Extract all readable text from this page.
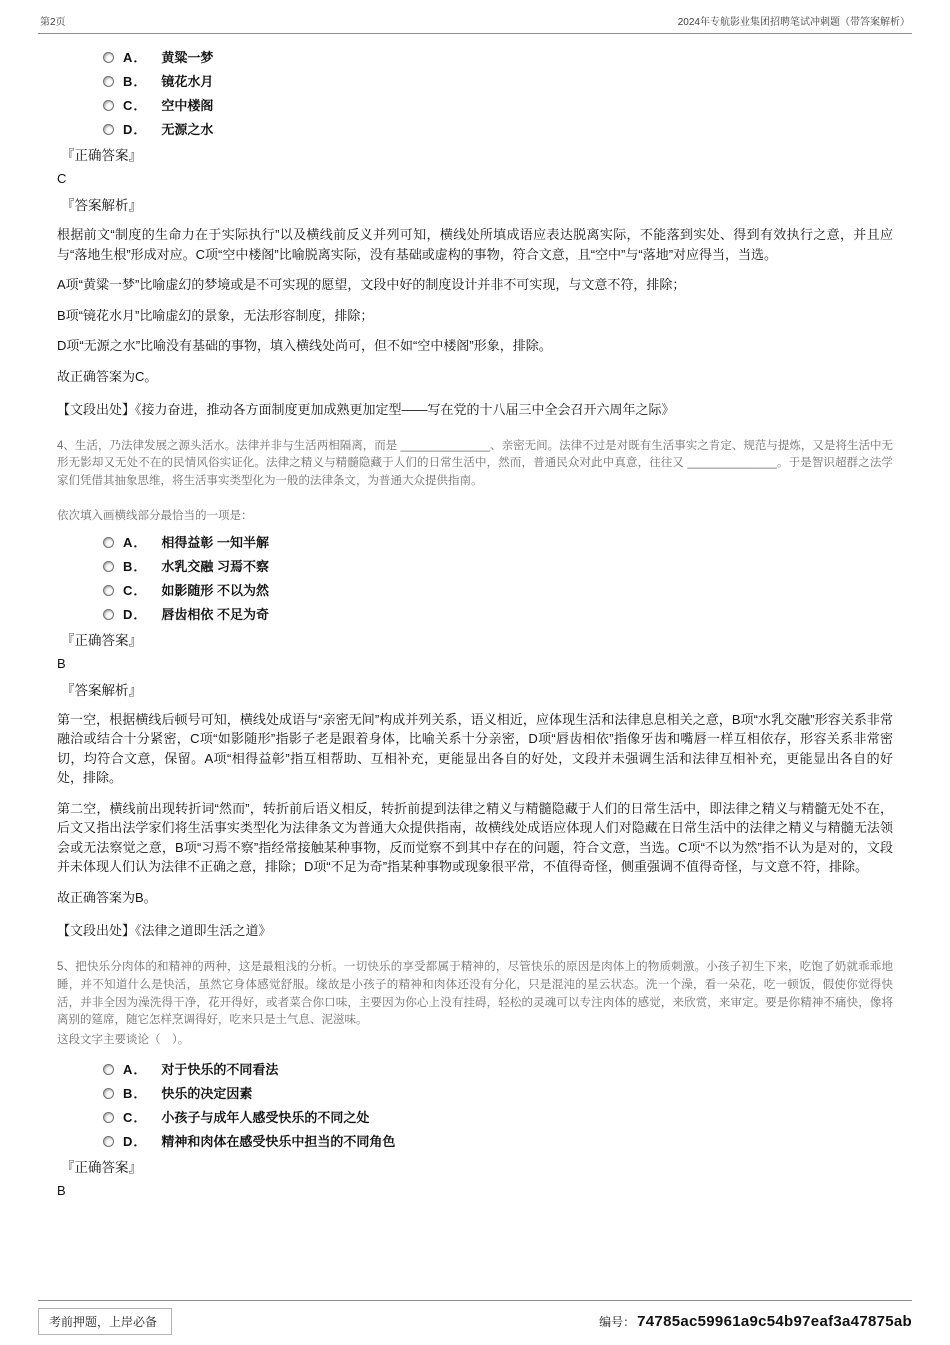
第2页	2024年专航影业集团招聘笔试冲刺题（带答案解析）
A． 黄粱一梦
B． 镜花水月
C． 空中楼阁
D． 无源之水
『正确答案』
C
『答案解析』

根据前文“制度的生命力在于实际执行”以及横线前反义并列可知，横线处所填成语应表达脱离实际，不能落到实处、得到有效执行之意，并且应与“落地生根”形成对应。C项“空中楼阁”比喻脱离实际，没有基础或虚构的事物，符合文意，且“空中”与“落地”对应得当，当选。

A项“黄粱一梦”比喻虚幻的梦境或是不可实现的愿望，文段中好的制度设计并非不可实现，与文意不符，排除；

B项“镜花水月”比喻虚幻的景象，无法形容制度，排除；

D项“无源之水”比喻没有基础的事物，填入横线处尚可，但不如“空中楼阁”形象，排除。

故正确答案为C。

【文段出处】《接力奋进，推动各方面制度更加成熟更加定型——写在党的十八届三中全会召开六周年之际》

4、生活，乃法律发展之源头活水。法律并非与生活两相隔离，而是 ______________、亲密无间。法律不过是对既有生活事实之肯定、规范与提炼，又是将生活中无形无影却又无处不在的民情风俗实证化。法律之精义与精髓隐藏于人们的日常生活中，然而，普通民众对此中真意，往往又 ______________。于是智识超群之法学家们凭借其抽象思维，将生活事实类型化为一般的法律条文，为普通大众提供指南。

依次填入画横线部分最恰当的一项是：

A． 相得益彰 一知半解
B． 水乳交融 习焉不察
C． 如影随形 不以为然
D． 唇齿相依 不足为奇
『正确答案』
B
『答案解析』

第一空，根据横线后顿号可知，横线处成语与“亲密无间”构成并列关系，语义相近，应体现生活和法律息息相关之意，B项“水乳交融”形容关系非常融洽或结合十分紧密，C项“如影随形”指影子老是跟着身体，比喻关系十分亲密，D项“唇齿相依”指像牙齿和嘴唇一样互相依存，形容关系非常密切，均符合文意，保留。A项“相得益彰”指互相帮助、互相补充，更能显出各自的好处，文段并未强调生活和法律互相补充，更能显出各自的好处，排除。

第二空，横线前出现转折词“然而”，转折前后语义相反，转折前提到法律之精义与精髓隐藏于人们的日常生活中，即法律之精义与精髓无处不在，后文又指出法学家们将生活事实类型化为法律条文为普通大众提供指南，故横线处成语应体现人们对隐藏在日常生活中的法律之精义与精髓无法领会或无法察觉之意，B项“习焉不察”指经常接触某种事物，反而觉察不到其中存在的问题，符合文意，当选。C项“不以为然”指不认为是对的，文段并未体现人们认为法律不正确之意，排除；D项“不足为奇”指某种事物或现象很平常，不值得奇怪，侧重强调不值得奇怪，与文意不符，排除。

故正确答案为B。

【文段出处】《法律之道即生活之道》

5、把快乐分肉体的和精神的两种，这是最粗浅的分析。一切快乐的享受都属于精神的，尽管快乐的原因是肉体上的物质刺激。小孩子初生下来，吃饱了奶就乖乖地睡，并不知道什么是快活，虽然它身体感觉舒服。缘故是小孩子的精神和肉体还没有分化，只是混沌的星云状态。洗一个澡，看一朵花，吃一顿饭，假使你觉得快活，并非全因为澡洗得干净，花开得好，或者菜合你口味，主要因为你心上没有挂碍，轻松的灵魂可以专注肉体的感觉，来欣赏，来审定。要是你精神不痛快，像将离别的筵席，随它怎样烹调得好，吃来只是土气息、泥滋味。

这段文字主要谈论（　）。

A． 对于快乐的不同看法
B． 快乐的决定因素
C． 小孩子与成年人感受快乐的不同之处
D． 精神和肉体在感受快乐中担当的不同角色
『正确答案』
B
考前押题，上岸必备	编号： 74785ac59961a9c54b97eaf3a47875ab
